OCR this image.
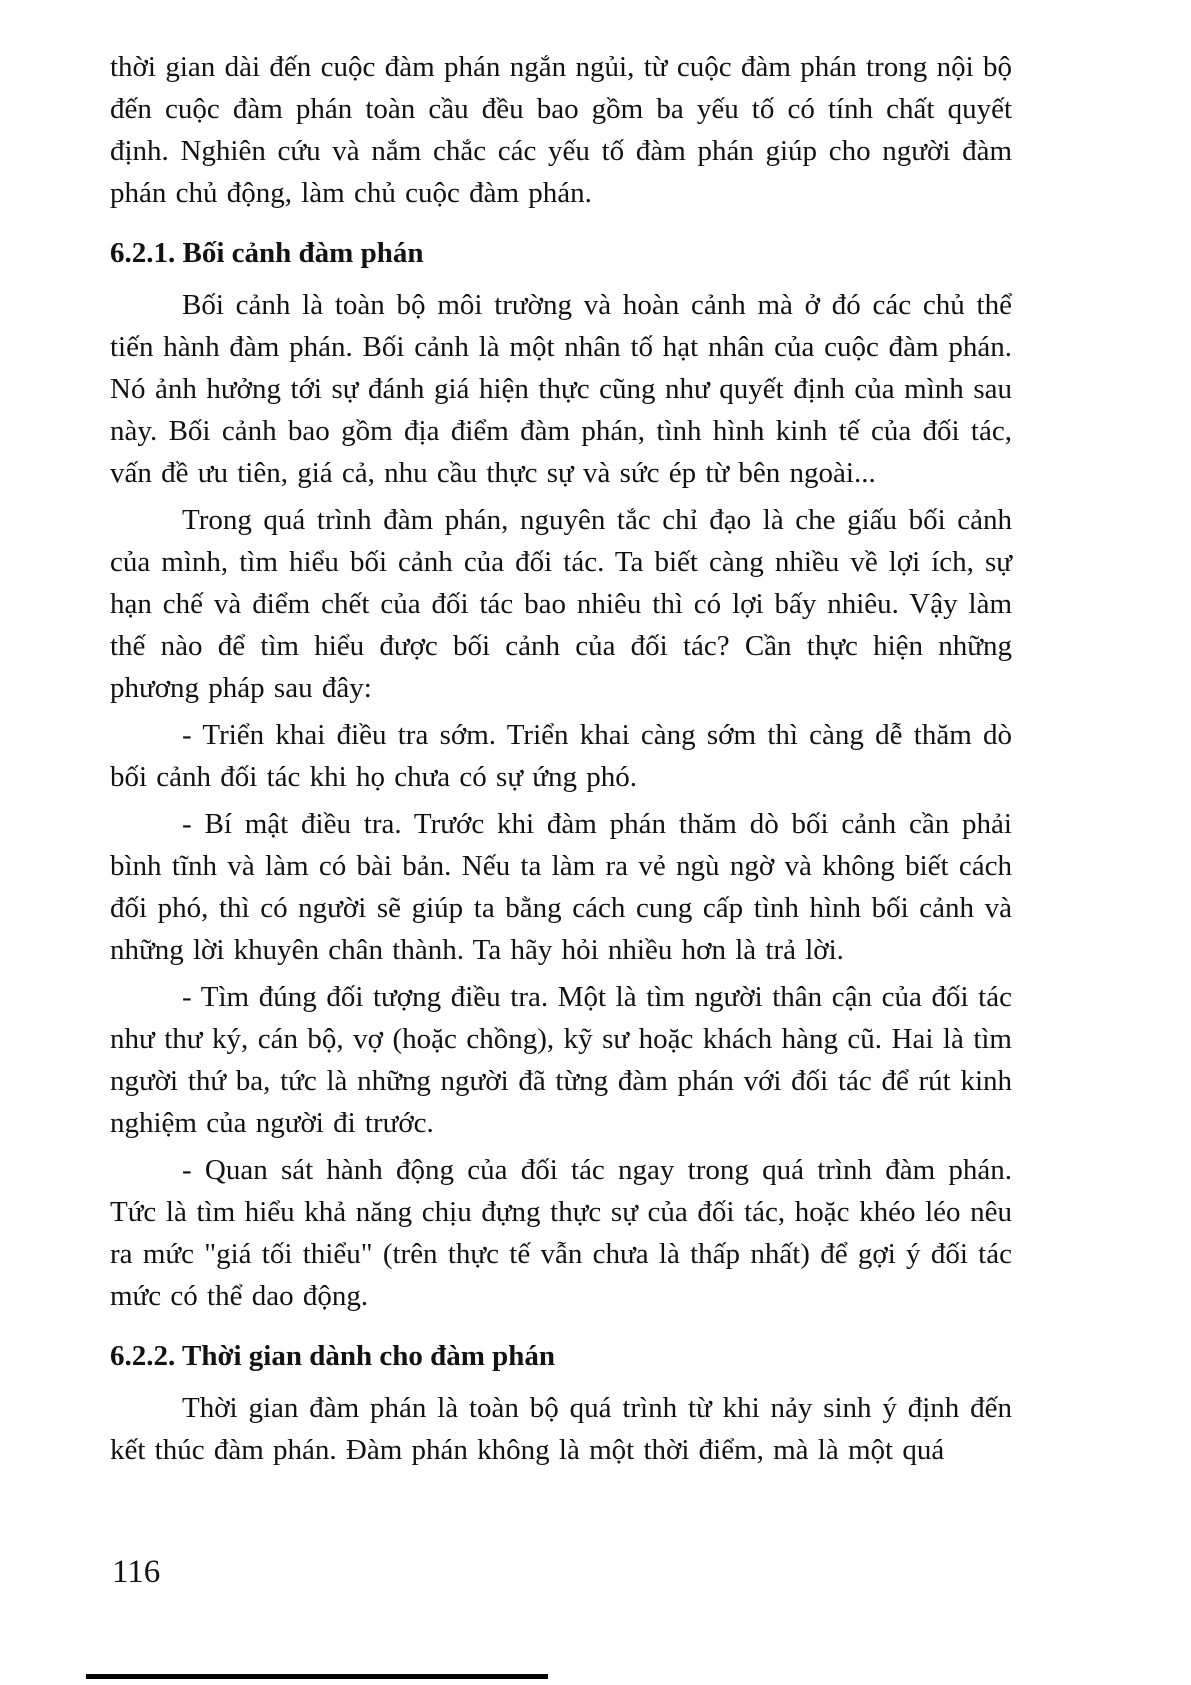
thời gian dài đến cuộc đàm phán ngắn ngủi, từ cuộc đàm phán trong nội bộ đến cuộc đàm phán toàn cầu đều bao gồm ba yếu tố có tính chất quyết định. Nghiên cứu và nắm chắc các yếu tố đàm phán giúp cho người đàm phán chủ động, làm chủ cuộc đàm phán.

6.2.1. Bối cảnh đàm phán

Bối cảnh là toàn bộ môi trường và hoàn cảnh mà ở đó các chủ thể tiến hành đàm phán. Bối cảnh là một nhân tố hạt nhân của cuộc đàm phán. Nó ảnh hưởng tới sự đánh giá hiện thực cũng như quyết định của mình sau này. Bối cảnh bao gồm địa điểm đàm phán, tình hình kinh tế của đối tác, vấn đề ưu tiên, giá cả, nhu cầu thực sự và sức ép từ bên ngoài...

Trong quá trình đàm phán, nguyên tắc chỉ đạo là che giấu bối cảnh của mình, tìm hiểu bối cảnh của đối tác. Ta biết càng nhiều về lợi ích, sự hạn chế và điểm chết của đối tác bao nhiêu thì có lợi bấy nhiêu. Vậy làm thế nào để tìm hiểu được bối cảnh của đối tác? Cần thực hiện những phương pháp sau đây:

- Triển khai điều tra sớm. Triển khai càng sớm thì càng dễ thăm dò bối cảnh đối tác khi họ chưa có sự ứng phó.

- Bí mật điều tra. Trước khi đàm phán thăm dò bối cảnh cần phải bình tĩnh và làm có bài bản. Nếu ta làm ra vẻ ngù ngờ và không biết cách đối phó, thì có người sẽ giúp ta bằng cách cung cấp tình hình bối cảnh và những lời khuyên chân thành. Ta hãy hỏi nhiều hơn là trả lời.

- Tìm đúng đối tượng điều tra. Một là tìm người thân cận của đối tác như thư ký, cán bộ, vợ (hoặc chồng), kỹ sư hoặc khách hàng cũ. Hai là tìm người thứ ba, tức là những người đã từng đàm phán với đối tác để rút kinh nghiệm của người đi trước.

- Quan sát hành động của đối tác ngay trong quá trình đàm phán. Tức là tìm hiểu khả năng chịu đựng thực sự của đối tác, hoặc khéo léo nêu ra mức "giá tối thiểu" (trên thực tế vẫn chưa là thấp nhất) để gợi ý đối tác mức có thể dao động.

6.2.2. Thời gian dành cho đàm phán

Thời gian đàm phán là toàn bộ quá trình từ khi nảy sinh ý định đến kết thúc đàm phán. Đàm phán không là một thời điểm, mà là một quá

116
